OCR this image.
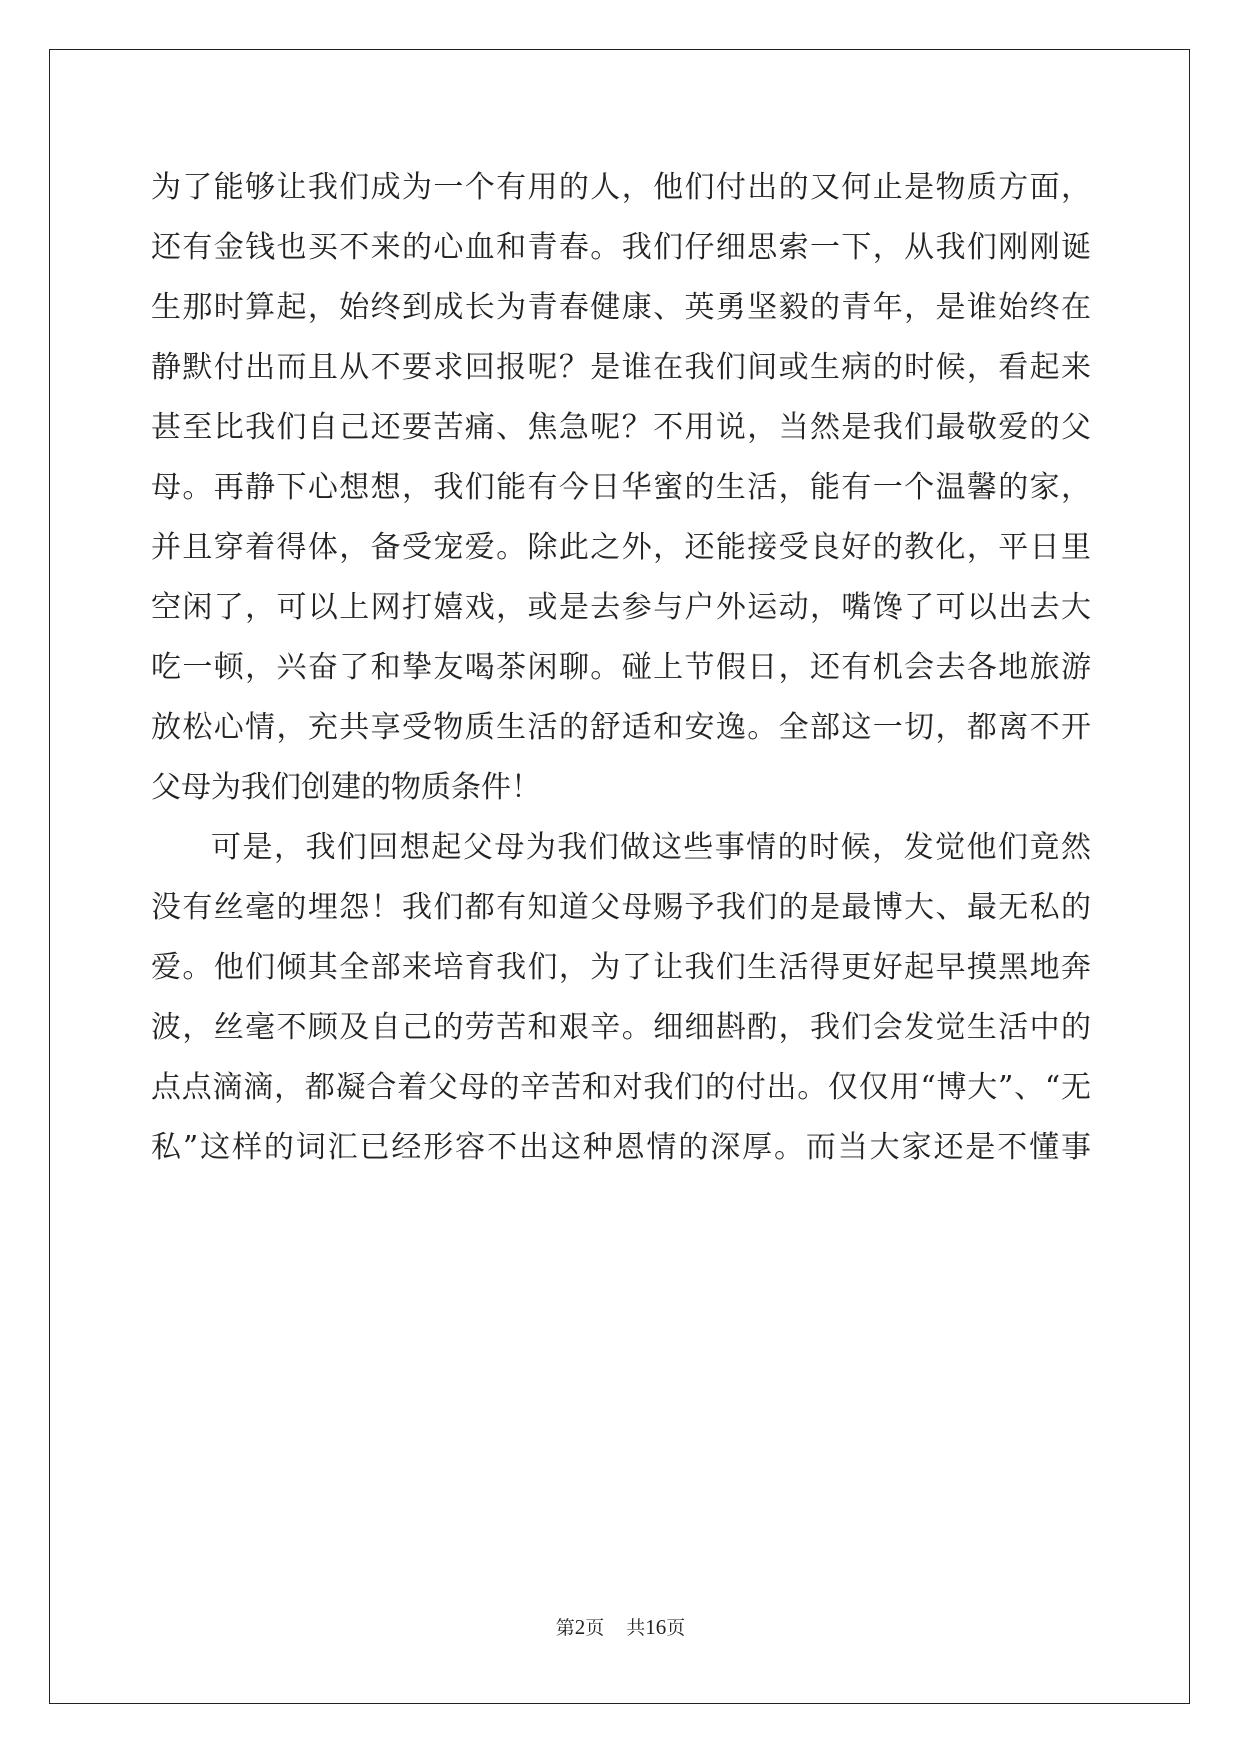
为了能够让我们成为一个有用的人，他们付出的又何止是物质方面，
还有金钱也买不来的心血和青春。我们仔细思索一下，从我们刚刚诞
生那时算起，始终到成长为青春健康、英勇坚毅的青年，是谁始终在
静默付出而且从不要求回报呢？是谁在我们间或生病的时候，看起来
甚至比我们自己还要苦痛、焦急呢？不用说，当然是我们最敬爱的父
母。再静下心想想，我们能有今日华蜜的生活，能有一个温馨的家，
并且穿着得体，备受宠爱。除此之外，还能接受良好的教化，平日里
空闲了，可以上网打嬉戏，或是去参与户外运动，嘴馋了可以出去大
吃一顿，兴奋了和挚友喝茶闲聊。碰上节假日，还有机会去各地旅游
放松心情，充共享受物质生活的舒适和安逸。全部这一切，都离不开
父母为我们创建的物质条件！
可是，我们回想起父母为我们做这些事情的时候，发觉他们竟然
没有丝毫的埋怨！我们都有知道父母赐予我们的是最博大、最无私的
爱。他们倾其全部来培育我们，为了让我们生活得更好起早摸黑地奔
波，丝毫不顾及自己的劳苦和艰辛。细细斟酌，我们会发觉生活中的
点点滴滴，都凝合着父母的辛苦和对我们的付出。仅仅用“博大”、“无
私”这样的词汇已经形容不出这种恩情的深厚。而当大家还是不懂事
第2页 共16页
